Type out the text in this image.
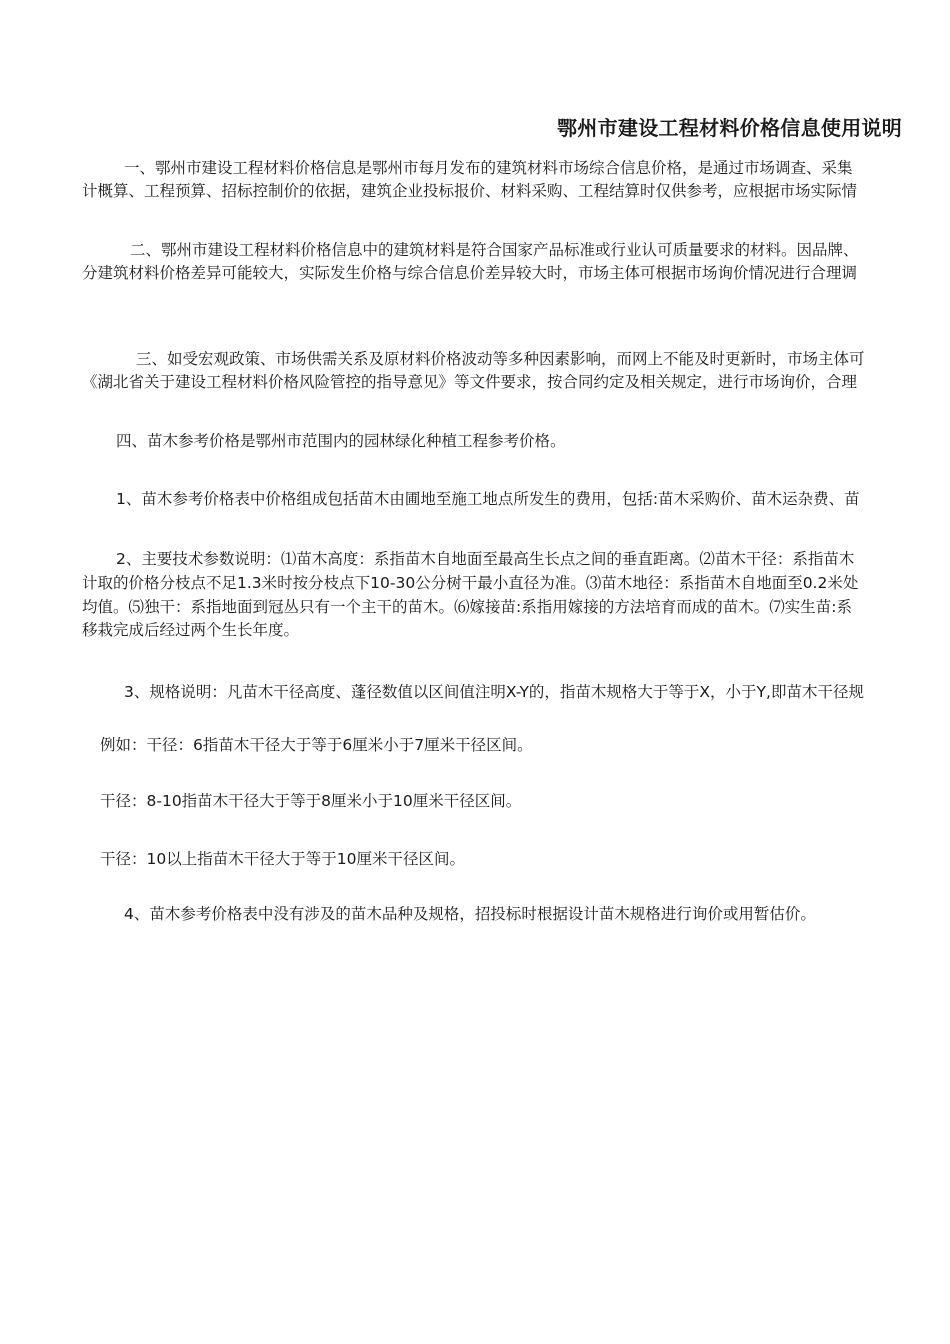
鄂州市建设工程材料价格信息使用说明
一、鄂州市建设工程材料价格信息是鄂州市每月发布的建筑材料市场综合信息价格，是通过市场调查、采集
计概算、工程预算、招标控制价的依据，建筑企业投标报价、材料采购、工程结算时仅供参考，应根据市场实际情
二、鄂州市建设工程材料价格信息中的建筑材料是符合国家产品标准或行业认可质量要求的材料。因品牌、
分建筑材料价格差异可能较大，实际发生价格与综合信息价差异较大时，市场主体可根据市场询价情况进行合理调
三、如受宏观政策、市场供需关系及原材料价格波动等多种因素影响，而网上不能及时更新时，市场主体可
《湖北省关于建设工程材料价格风险管控的指导意见》等文件要求，按合同约定及相关规定，进行市场询价，合理
四、苗木参考价格是鄂州市范围内的园林绿化种植工程参考价格。
1、苗木参考价格表中价格组成包括苗木由圃地至施工地点所发生的费用，包括:苗木采购价、苗木运杂费、苗
2、主要技术参数说明：⑴苗木高度：系指苗木自地面至最高生长点之间的垂直距离。⑵苗木干径：系指苗木
计取的价格分枝点不足1.3米时按分枝点下10-30公分树干最小直径为准。⑶苗木地径：系指苗木自地面至0.2米处
均值。⑸独干：系指地面到冠丛只有一个主干的苗木。⑹嫁接苗:系指用嫁接的方法培育而成的苗木。⑺实生苗:系
移栽完成后经过两个生长年度。
3、规格说明：凡苗木干径高度、蓬径数值以区间值注明X-Y的，指苗木规格大于等于X，小于Y,即苗木干径规
例如：干径：6指苗木干径大于等于6厘米小于7厘米干径区间。
干径：8-10指苗木干径大于等于8厘米小于10厘米干径区间。
干径：10以上指苗木干径大于等于10厘米干径区间。
4、苗木参考价格表中没有涉及的苗木品种及规格，招投标时根据设计苗木规格进行询价或用暂估价。
